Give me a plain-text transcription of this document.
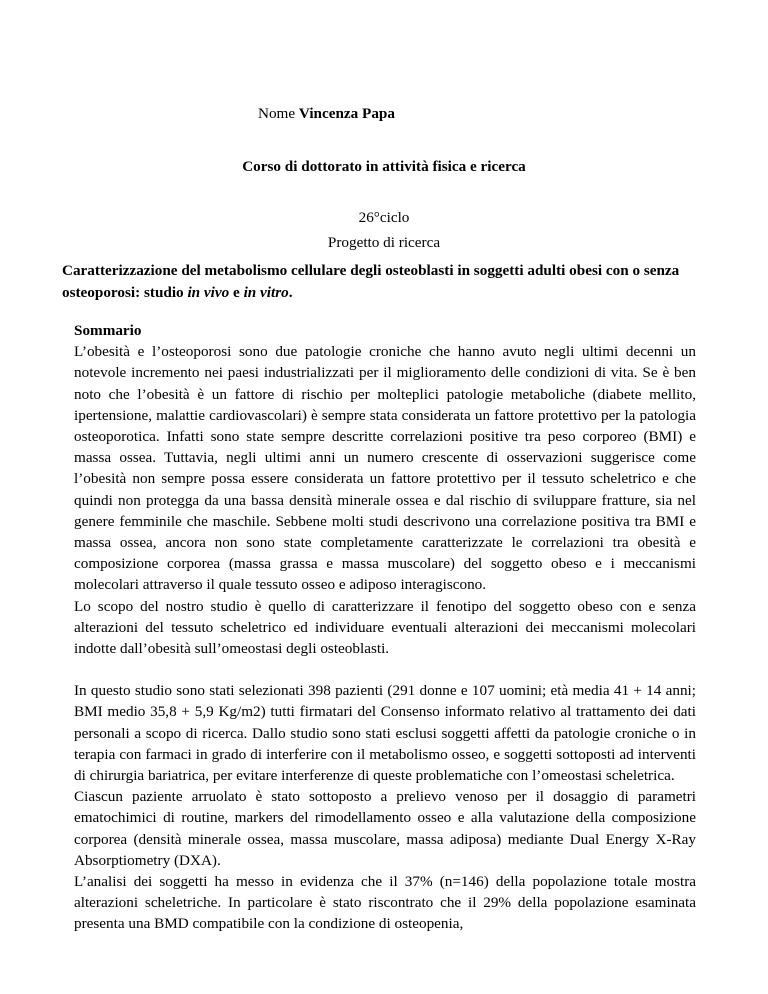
Nome Vincenza Papa
Corso di dottorato in attività fisica e ricerca
26°ciclo
Progetto di ricerca
Caratterizzazione del metabolismo cellulare degli osteoblasti in soggetti adulti obesi con o senza osteoporosi: studio in vivo e in vitro.

Sommario

L’obesità e l’osteoporosi sono due patologie croniche che hanno avuto negli ultimi decenni un notevole incremento nei paesi industrializzati per il miglioramento delle condizioni di vita. Se è ben noto che l’obesità è un fattore di rischio per molteplici patologie metaboliche (diabete mellito, ipertensione, malattie cardiovascolari) è sempre stata considerata un fattore protettivo per la patologia osteoporotica. Infatti sono state sempre descritte correlazioni positive tra peso corporeo (BMI) e massa ossea. Tuttavia, negli ultimi anni un numero crescente di osservazioni suggerisce come l’obesità non sempre possa essere considerata un fattore protettivo per il tessuto scheletrico e che quindi non protegga da una bassa densità minerale ossea e dal rischio di sviluppare fratture, sia nel genere femminile che maschile. Sebbene molti studi descrivono una correlazione positiva tra BMI e massa ossea, ancora non sono state completamente caratterizzate le correlazioni tra obesità e composizione corporea (massa grassa e massa muscolare) del soggetto obeso e i meccanismi molecolari attraverso il quale tessuto osseo e adiposo interagiscono.

Lo scopo del nostro studio è quello di caratterizzare il fenotipo del soggetto obeso con e senza alterazioni del tessuto scheletrico ed individuare eventuali alterazioni dei meccanismi molecolari indotte dall’obesità sull’omeostasi degli osteoblasti.

In questo studio sono stati selezionati 398 pazienti (291 donne e 107 uomini; età media 41 + 14 anni; BMI medio 35,8 + 5,9 Kg/m2) tutti firmatari del Consenso informato relativo al trattamento dei dati personali a scopo di ricerca. Dallo studio sono stati esclusi soggetti affetti da patologie croniche o in terapia con farmaci in grado di interferire con il metabolismo osseo, e soggetti sottoposti ad interventi di chirurgia bariatrica, per evitare interferenze di queste problematiche con l’omeostasi scheletrica.

Ciascun paziente arruolato è stato sottoposto a prelievo venoso per il dosaggio di parametri ematochimici di routine, markers del rimodellamento osseo e alla valutazione della composizione corporea (densità minerale ossea, massa muscolare, massa adiposa) mediante Dual Energy X-Ray Absorptiometry (DXA).

L’analisi dei soggetti ha messo in evidenza che il 37% (n=146) della popolazione totale mostra alterazioni scheletriche. In particolare è stato riscontrato che il 29% della popolazione esaminata presenta una BMD compatibile con la condizione di osteopenia,
